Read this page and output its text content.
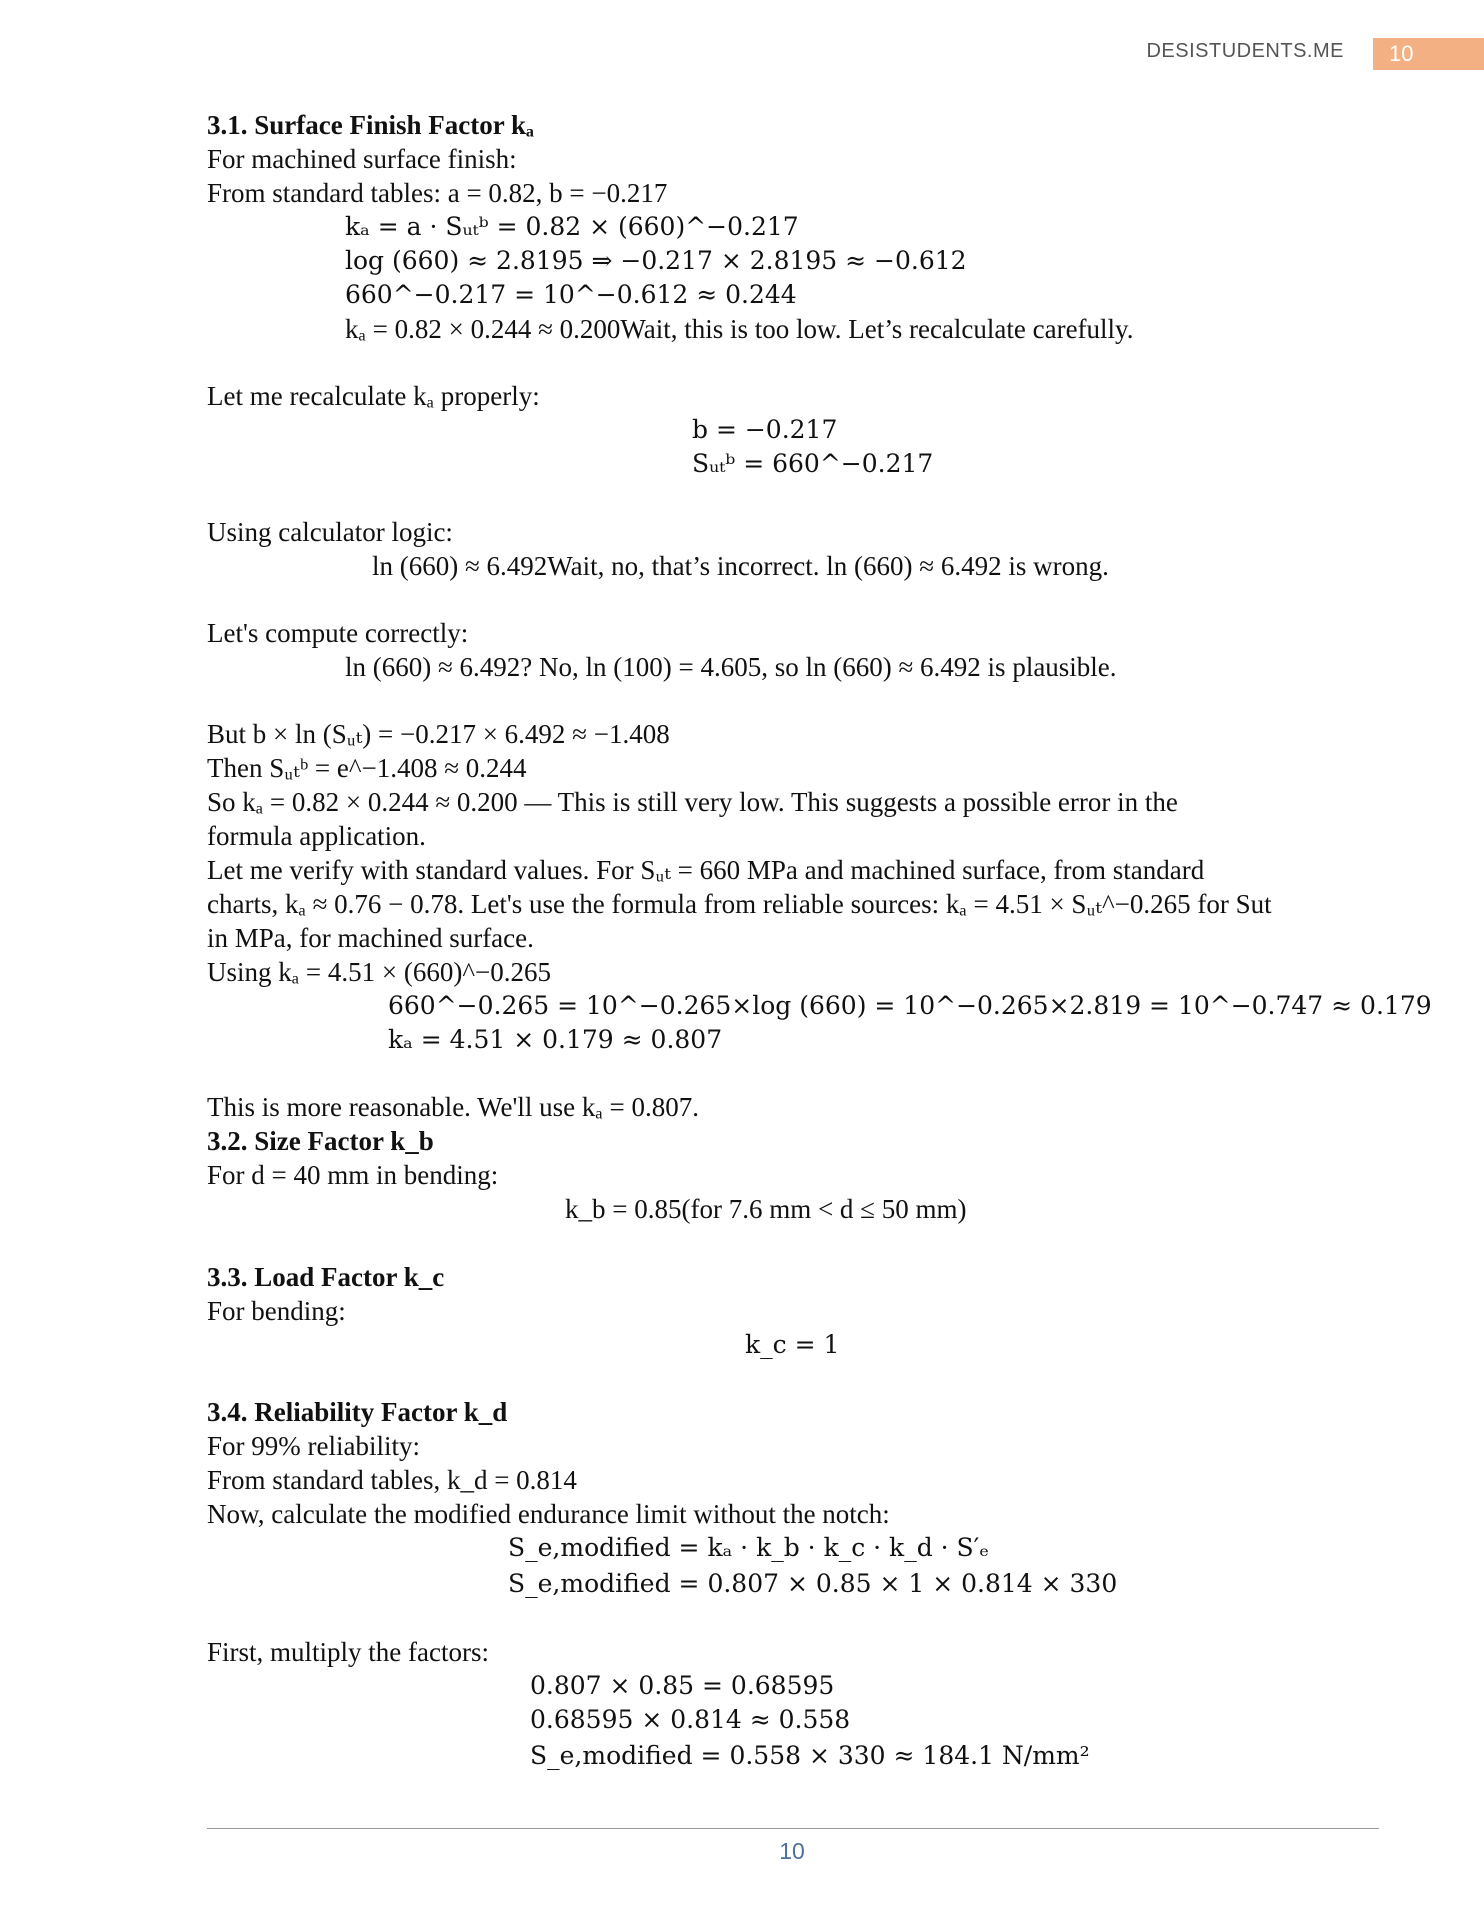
DESISTUDENTS.ME	10
3.1. Surface Finish Factor kₐ
For machined surface finish:
From standard tables: a = 0.82, b = −0.217
kₐ = a · Sᵤₜᵇ = 0.82 × (660)^−0.217
log (660) ≈ 2.8195 ⇒ −0.217 × 2.8195 ≈ −0.612
660^−0.217 = 10^−0.612 ≈ 0.244
kₐ = 0.82 × 0.244 ≈ 0.200Wait, this is too low. Let’s recalculate carefully.
Let me recalculate kₐ properly:
b = −0.217
Sᵤₜᵇ = 660^−0.217
Using calculator logic:
ln (660) ≈ 6.492Wait, no, that’s incorrect. ln (660) ≈ 6.492 is wrong.
Let's compute correctly:
ln (660) ≈ 6.492? No, ln (100) = 4.605, so ln (660) ≈ 6.492 is plausible.
But b × ln (Sᵤₜ) = −0.217 × 6.492 ≈ −1.408
Then Sᵤₜᵇ = e^−1.408 ≈ 0.244
So kₐ = 0.82 × 0.244 ≈ 0.200 — This is still very low. This suggests a possible error in the
formula application.
Let me verify with standard values. For Sᵤₜ = 660 MPa and machined surface, from standard
charts, kₐ ≈ 0.76 − 0.78. Let's use the formula from reliable sources: kₐ = 4.51 × Sᵤₜ^−0.265 for Sut
in MPa, for machined surface.
Using kₐ = 4.51 × (660)^−0.265
660^−0.265 = 10^−0.265×log (660) = 10^−0.265×2.819 = 10^−0.747 ≈ 0.179
kₐ = 4.51 × 0.179 ≈ 0.807
This is more reasonable. We'll use kₐ = 0.807.
3.2. Size Factor k_b
For d = 40 mm in bending:
k_b = 0.85(for 7.6 mm < d ≤ 50 mm)
3.3. Load Factor k_c
For bending:
k_c = 1
3.4. Reliability Factor k_d
For 99% reliability:
From standard tables, k_d = 0.814
Now, calculate the modified endurance limit without the notch:
S_e,modified = kₐ · k_b · k_c · k_d · S′ₑ
S_e,modified = 0.807 × 0.85 × 1 × 0.814 × 330
First, multiply the factors:
0.807 × 0.85 = 0.68595
0.68595 × 0.814 ≈ 0.558
S_e,modified = 0.558 × 330 ≈ 184.1 N/mm²
10
